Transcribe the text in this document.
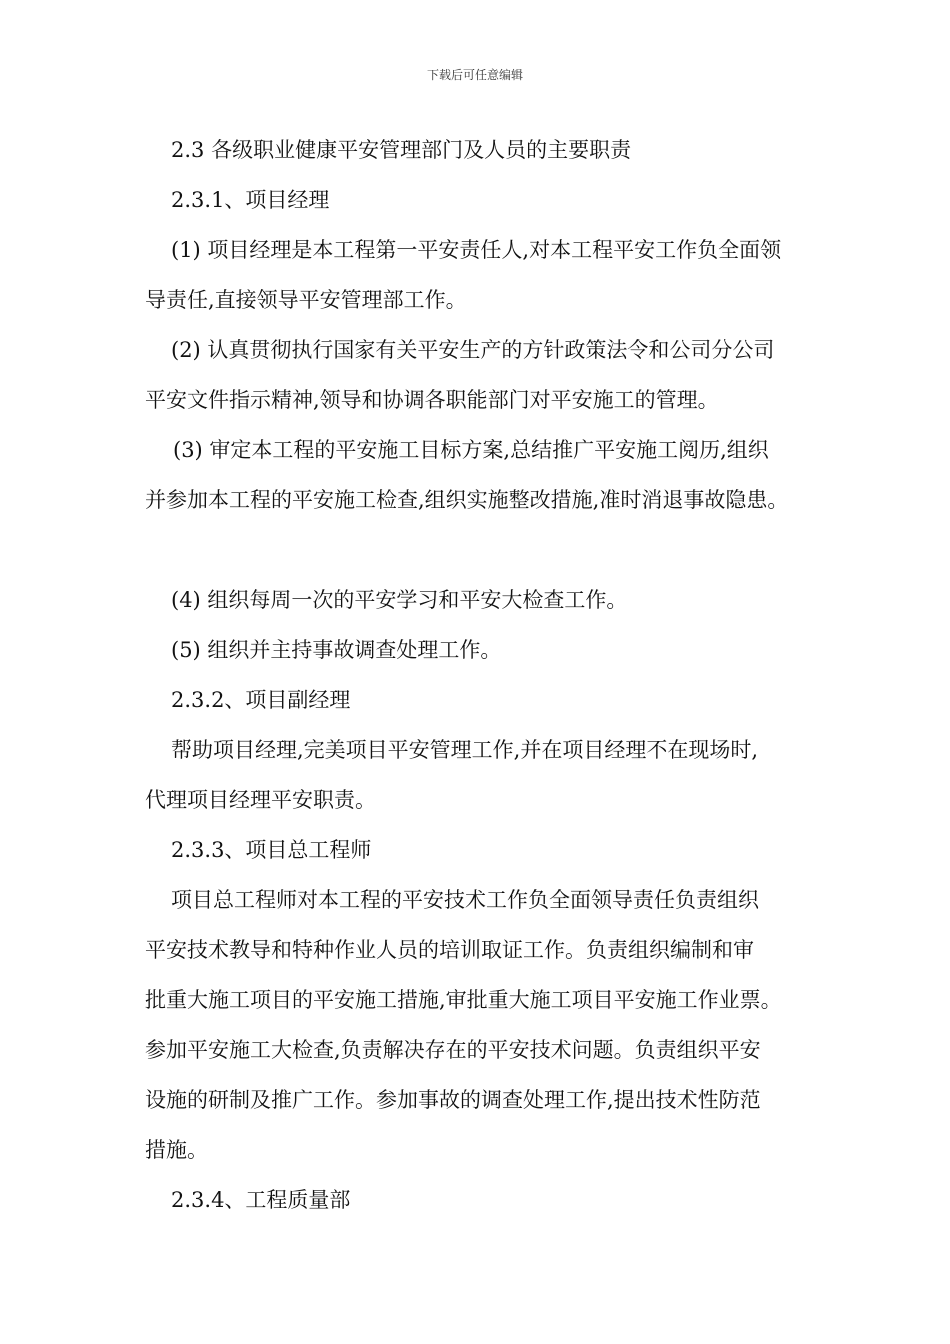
下载后可任意编辑
2.3 各级职业健康平安管理部门及人员的主要职责
2.3.1、项目经理
(1) 项目经理是本工程第一平安责任人,对本工程平安工作负全面领
导责任,直接领导平安管理部工作。
(2) 认真贯彻执行国家有关平安生产的方针政策法令和公司分公司
平安文件指示精神,领导和协调各职能部门对平安施工的管理。
(3) 审定本工程的平安施工目标方案,总结推广平安施工阅历,组织
并参加本工程的平安施工检查,组织实施整改措施,准时消退事故隐患。
(4) 组织每周一次的平安学习和平安大检查工作。
(5) 组织并主持事故调查处理工作。
2.3.2、项目副经理
帮助项目经理,完美项目平安管理工作,并在项目经理不在现场时,
代理项目经理平安职责。
2.3.3、项目总工程师
项目总工程师对本工程的平安技术工作负全面领导责任负责组织
平安技术教导和特种作业人员的培训取证工作。负责组织编制和审
批重大施工项目的平安施工措施,审批重大施工项目平安施工作业票。
参加平安施工大检查,负责解决存在的平安技术问题。负责组织平安
设施的研制及推广工作。参加事故的调查处理工作,提出技术性防范
措施。
2.3.4、工程质量部
